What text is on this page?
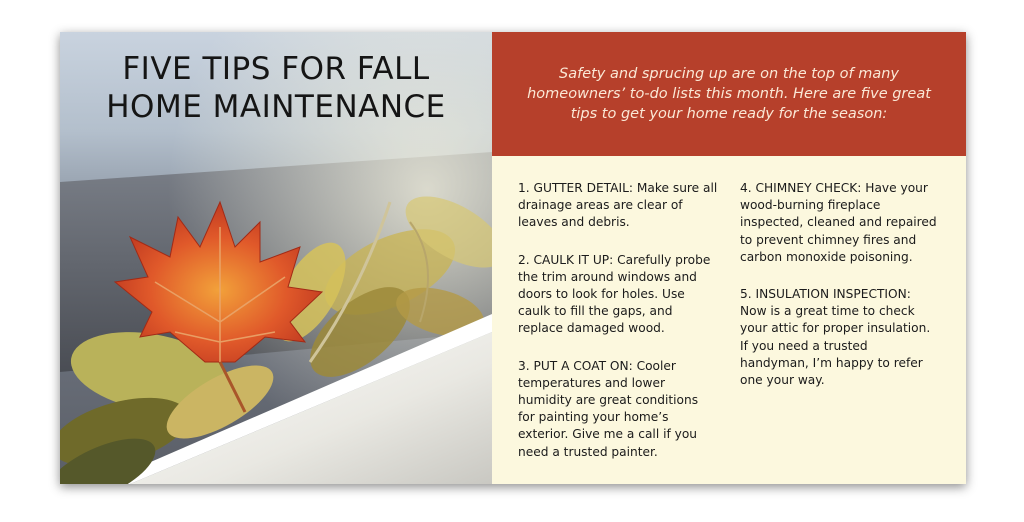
FIVE TIPS FOR FALL
HOME MAINTENANCE

Safety and sprucing up are on the top of many homeowners’ to-do lists this month. Here are five great tips to get your home ready for the season:

1. GUTTER DETAIL: Make sure all drainage areas are clear of leaves and debris.

2. CAULK IT UP: Carefully probe the trim around windows and doors to look for holes. Use caulk to fill the gaps, and replace damaged wood.

3. PUT A COAT ON: Cooler temperatures and lower humidity are great conditions for painting your home’s exterior. Give me a call if you need a trusted painter.

4. CHIMNEY CHECK: Have your wood-burning fireplace inspected, cleaned and repaired to prevent chimney fires and carbon monoxide poisoning.

5. INSULATION INSPECTION: Now is a great time to check your attic for proper insulation. If you need a trusted handyman, I’m happy to refer one your way.
